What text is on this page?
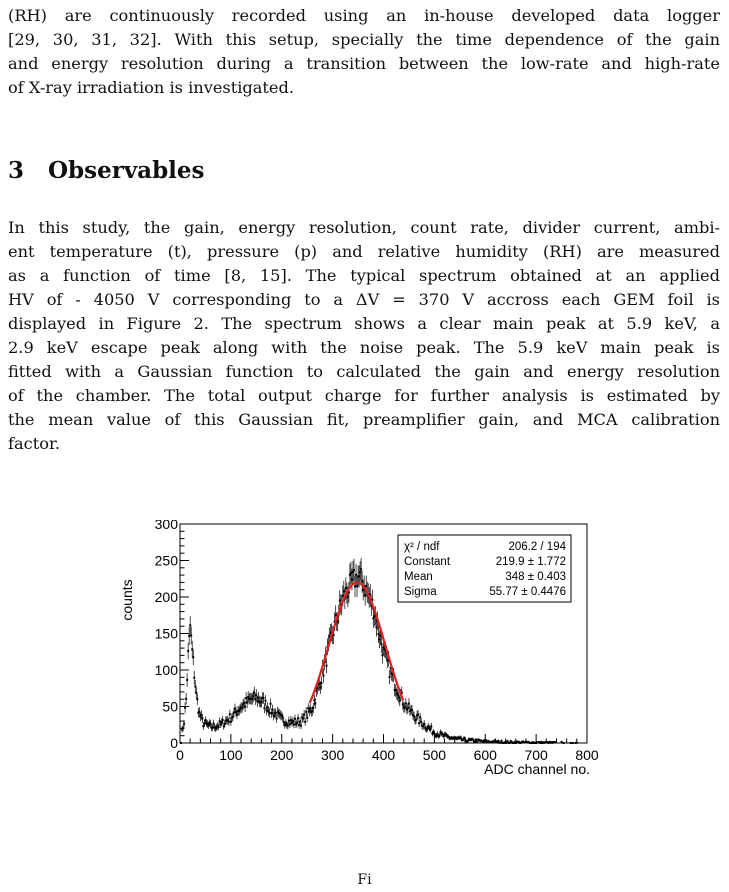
(RH) are continuously recorded using an in-house developed data logger
[29, 30, 31, 32]. With this setup, specially the time dependence of the gain
and energy resolution during a transition between the low-rate and high-rate
of X-ray irradiation is investigated.
3 Observables
In this study, the gain, energy resolution, count rate, divider current, ambi-
ent temperature (t), pressure (p) and relative humidity (RH) are measured
as a function of time [8, 15]. The typical spectrum obtained at an applied
HV of - 4050 V corresponding to a ΔV = 370 V accross each GEM foil is
displayed in Figure 2. The spectrum shows a clear main peak at 5.9 keV, a
2.9 keV escape peak along with the noise peak. The 5.9 keV main peak is
fitted with a Gaussian function to calculated the gain and energy resolution
of the chamber. The total output charge for further analysis is estimated by
the mean value of this Gaussian fit, preamplifier gain, and MCA calibration
factor.
0	100 200 300 400 500 600 700 800
0
50
100
150
200
250
300
counts
ADC channel no.
χ² / ndf	206.2 / 194
Constant	219.9 ± 1.772
Mean	348 ± 0.403
Sigma	55.77 ± 0.4476
Fi
